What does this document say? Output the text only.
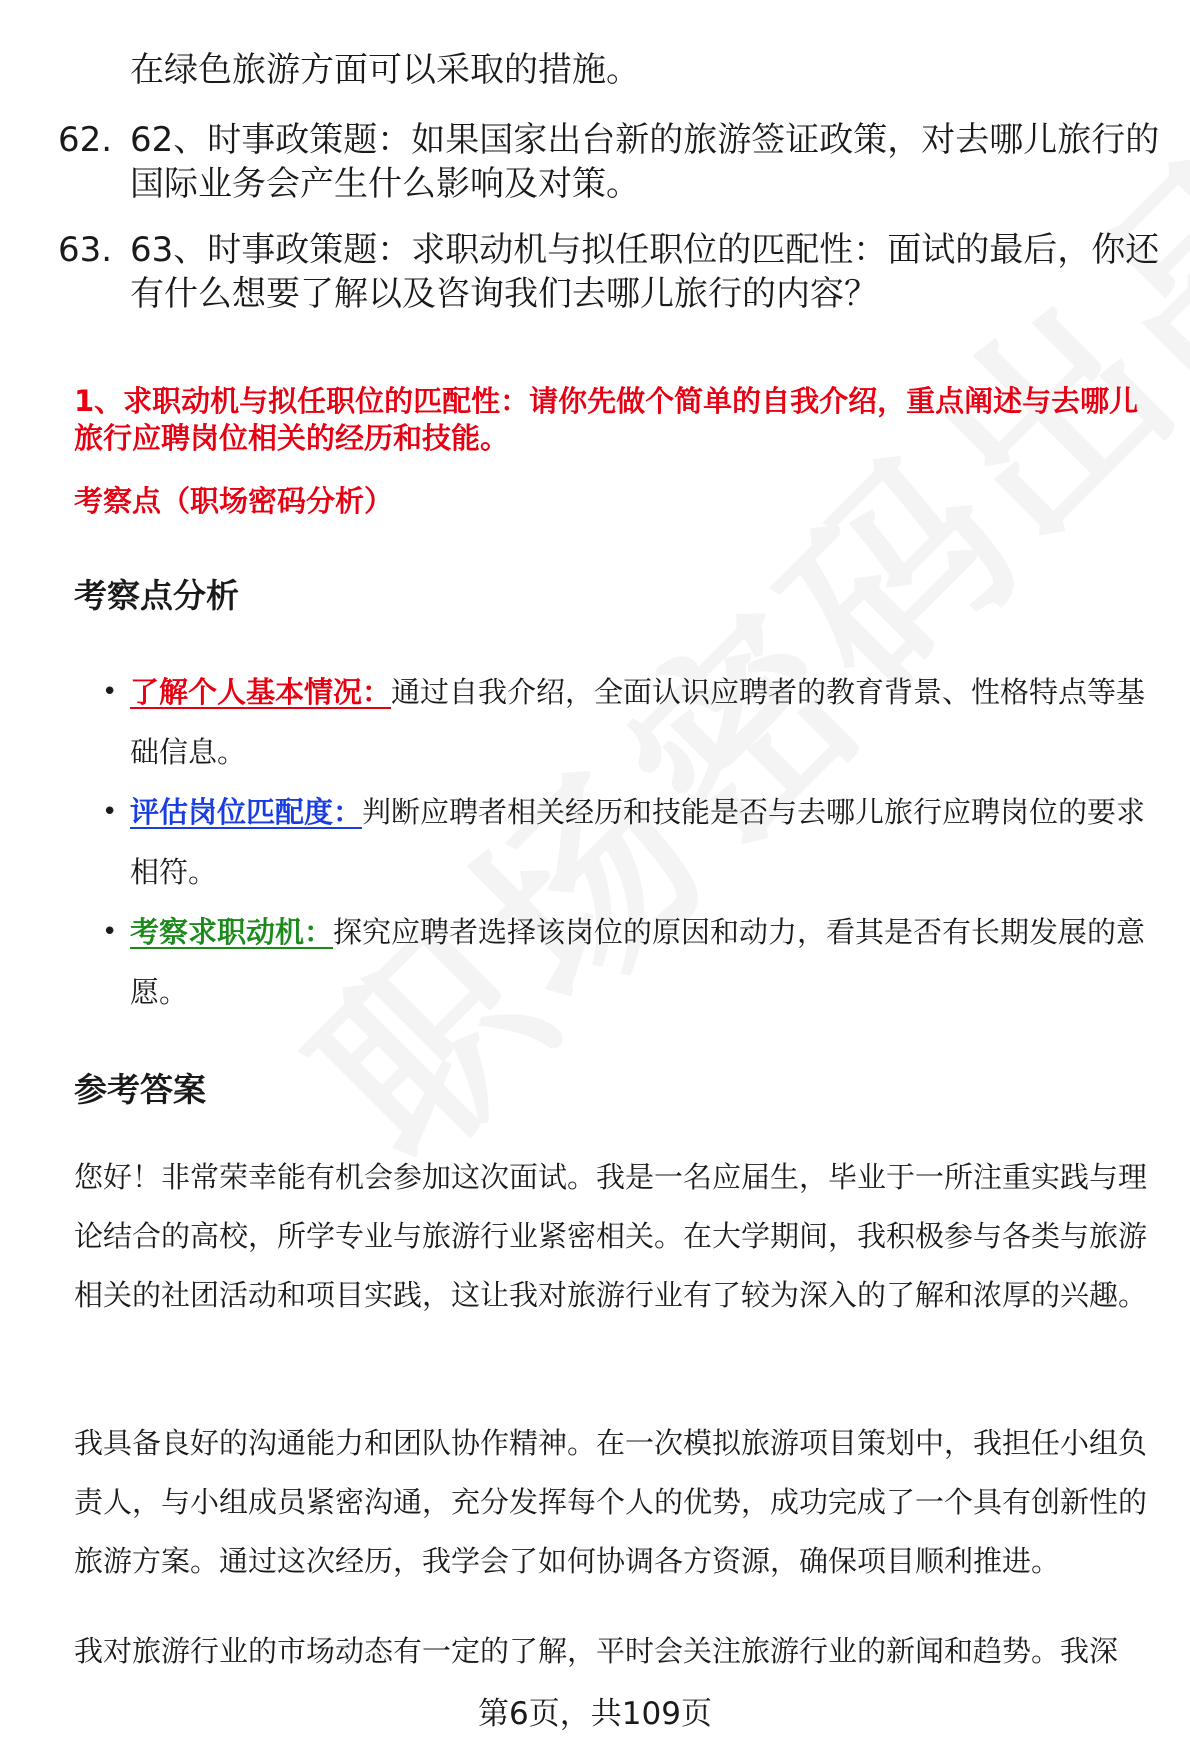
在绿色旅游方面可以采取的措施。
62. 62、时事政策题：如果国家出台新的旅游签证政策，对去哪儿旅行的国际业务会产生什么影响及对策。
63. 63、时事政策题：求职动机与拟任职位的匹配性：面试的最后，你还有什么想要了解以及咨询我们去哪儿旅行的内容？
1、求职动机与拟任职位的匹配性：请你先做个简单的自我介绍，重点阐述与去哪儿旅行应聘岗位相关的经历和技能。
考察点（职场密码分析）
考察点分析
• 了解个人基本情况：通过自我介绍，全面认识应聘者的教育背景、性格特点等基础信息。
• 评估岗位匹配度：判断应聘者相关经历和技能是否与去哪儿旅行应聘岗位的要求相符。
• 考察求职动机：探究应聘者选择该岗位的原因和动力，看其是否有长期发展的意愿。
参考答案

您好！非常荣幸能有机会参加这次面试。我是一名应届生，毕业于一所注重实践与理论结合的高校，所学专业与旅游行业紧密相关。在大学期间，我积极参与各类与旅游相关的社团活动和项目实践，这让我对旅游行业有了较为深入的了解和浓厚的兴趣。

我具备良好的沟通能力和团队协作精神。在一次模拟旅游项目策划中，我担任小组负责人，与小组成员紧密沟通，充分发挥每个人的优势，成功完成了一个具有创新性的旅游方案。通过这次经历，我学会了如何协调各方资源，确保项目顺利推进。

我对旅游行业的市场动态有一定的了解，平时会关注旅游行业的新闻和趋势。我深

第6页，共109页
